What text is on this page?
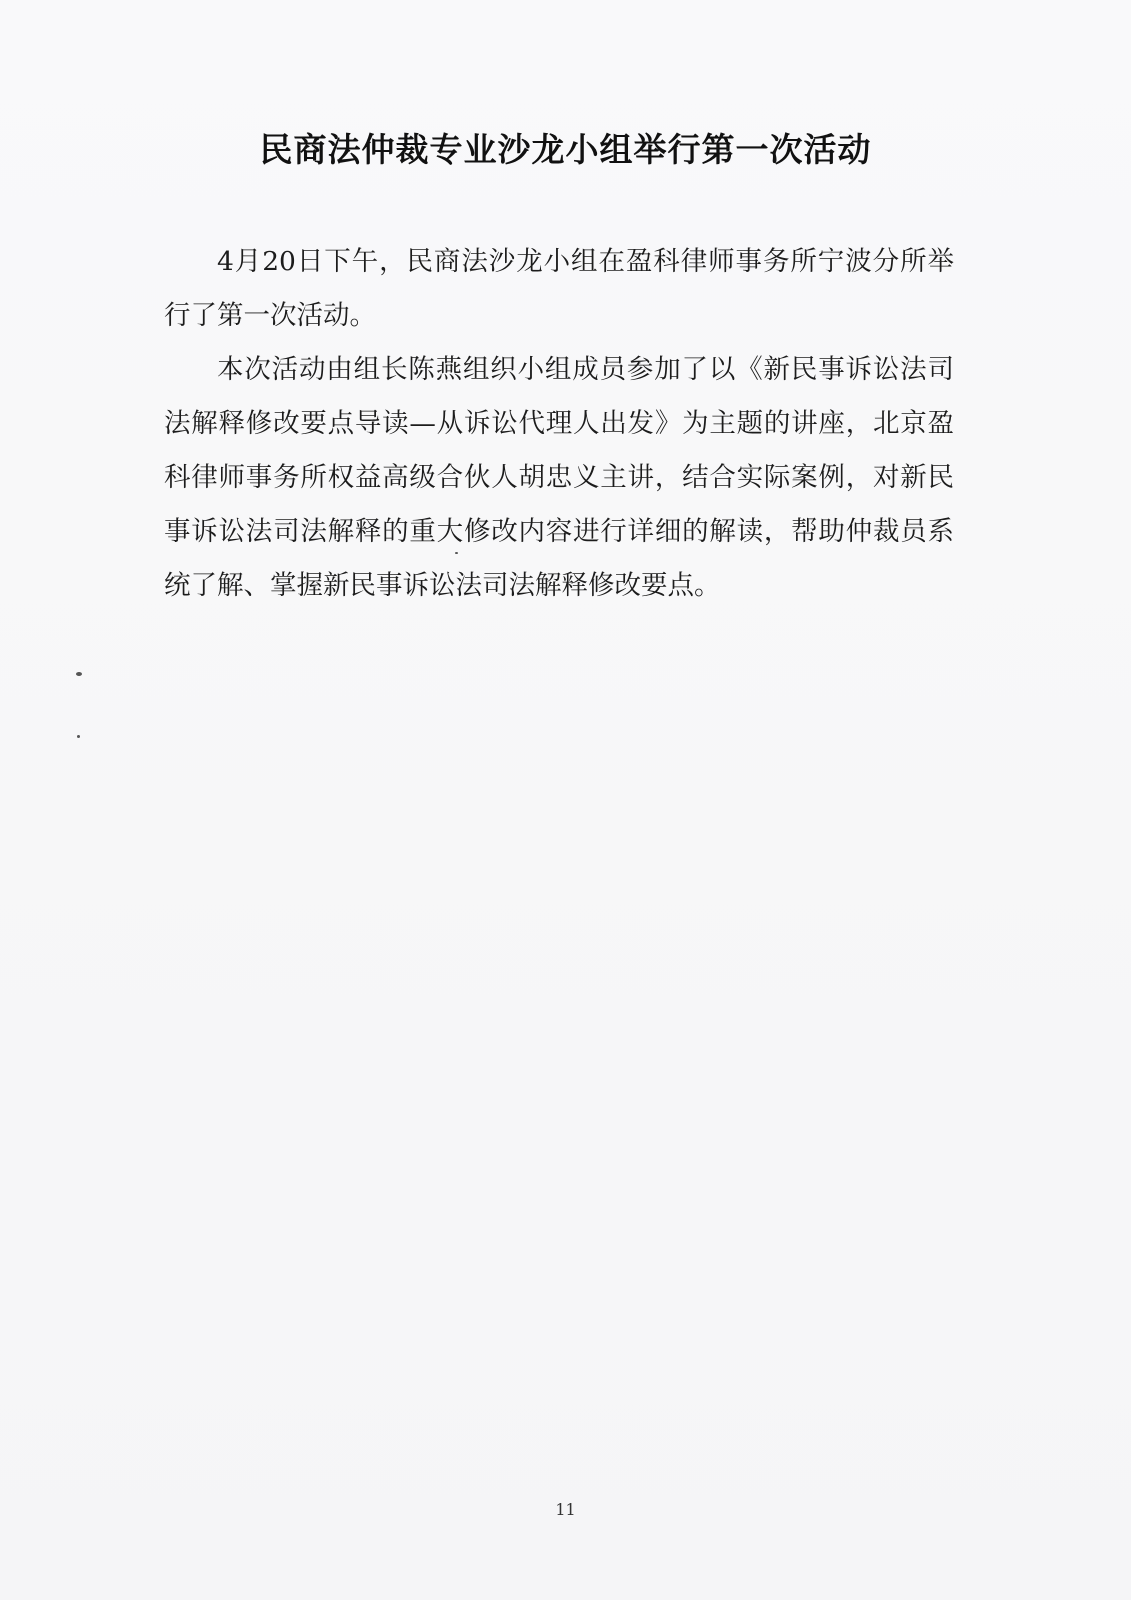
民商法仲裁专业沙龙小组举行第一次活动

4月20日下午，民商法沙龙小组在盈科律师事务所宁波分所举行了第一次活动。

本次活动由组长陈燕组织小组成员参加了以《新民事诉讼法司法解释修改要点导读—从诉讼代理人出发》为主题的讲座，北京盈科律师事务所权益高级合伙人胡忠义主讲，结合实际案例，对新民事诉讼法司法解释的重大修改内容进行详细的解读，帮助仲裁员系统了解、掌握新民事诉讼法司法解释修改要点。

11
